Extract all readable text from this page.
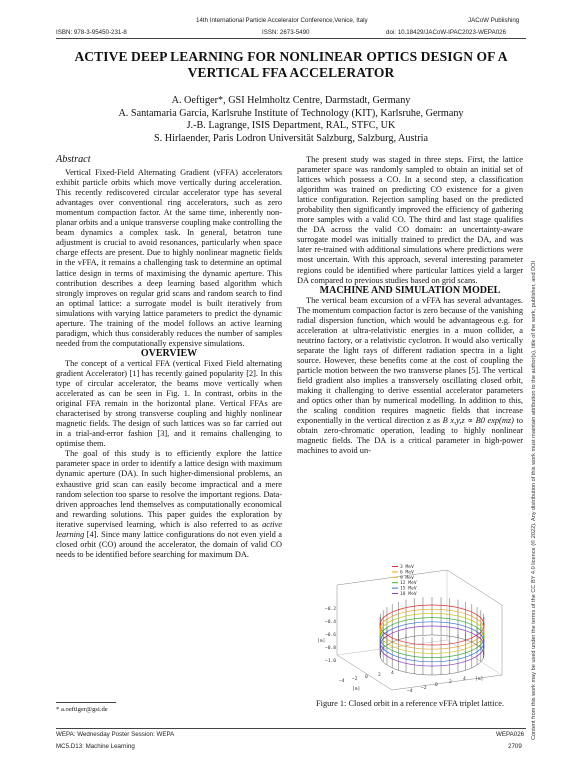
14th International Particle Accelerator Conference,Venice, Italy	JACoW Publishing
ISBN: 978-3-95450-231-8	ISSN: 2673-5490	doi: 10.18429/JACoW-IPAC2023-WEPA026
ACTIVE DEEP LEARNING FOR NONLINEAR OPTICS DESIGN OF A
VERTICAL FFA ACCELERATOR
A. Oeftiger*, GSI Helmholtz Centre, Darmstadt, Germany
A. Santamaria Garcia, Karlsruhe Institute of Technology (KIT), Karlsruhe, Germany
J.-B. Lagrange, ISIS Department, RAL, STFC, UK
S. Hirlaender, Paris Lodron Universität Salzburg, Salzburg, Austria
Abstract

Vertical Fixed-Field Alternating Gradient (vFFA) accelerators exhibit particle orbits which move vertically during acceleration. This recently rediscovered circular accelerator type has several advantages over conventional ring accelerators, such as zero momentum compaction factor. At the same time, inherently non-planar orbits and a unique transverse coupling make controlling the beam dynamics a complex task. In general, betatron tune adjustment is crucial to avoid resonances, particularly when space charge effects are present. Due to highly nonlinear magnetic fields in the vFFA, it remains a challenging task to determine an optimal lattice design in terms of maximising the dynamic aperture. This contribution describes a deep learning based algorithm which strongly improves on regular grid scans and random search to find an optimal lattice: a surrogate model is built iteratively from simulations with varying lattice parameters to predict the dynamic aperture. The training of the model follows an active learning paradigm, which thus considerably reduces the number of samples needed from the computationally expensive simulations.

OVERVIEW

The concept of a vertical FFA (vertical Fixed Field alternating gradient Accelerator) [1] has recently gained popularity [2]. In this type of circular accelerator, the beams move vertically when accelerated as can be seen in Fig. 1. In contrast, orbits in the original FFA remain in the horizontal plane. Vertical FFAs are characterised by strong transverse coupling and highly nonlinear magnetic fields. The design of such lattices was so far carried out in a trial-and-error fashion [3], and it remains challenging to optimise them.

The goal of this study is to efficiently explore the lattice parameter space in order to identify a lattice design with maximum dynamic aperture (DA). In such higher-dimensional problems, an exhaustive grid scan can easily become impractical and a mere random selection too sparse to resolve the important regions. Data-driven approaches lend themselves as computationally economical and rewarding solutions. This paper guides the exploration by iterative supervised learning, which is also referred to as active learning [4]. Since many lattice configurations do not even yield a closed orbit (CO) around the accelerator, the domain of valid CO needs to be identified before searching for maximum DA.

* a.oeftiger@gsi.de

The present study was staged in three steps. First, the lattice parameter space was randomly sampled to obtain an initial set of lattices which possess a CO. In a second step, a classification algorithm was trained on predicting CO existence for a given lattice configuration. Rejection sampling based on the predicted probability then significantly improved the efficiency of gathering more samples with a valid CO. The third and last stage qualifies the DA across the valid CO domain: an uncertainty-aware surrogate model was initially trained to predict the DA, and was later re-trained with additional simulations where predictions were most uncertain. With this approach, several interesting parameter regions could be identified where particular lattices yield a larger DA compared to previous studies based on grid scans.

MACHINE AND SIMULATION MODEL

The vertical beam excursion of a vFFA has several advantages. The momentum compaction factor is zero because of the vanishing radial dispersion function, which would be advantageous e.g. for acceleration at ultra-relativistic energies in a muon collider, a neutrino factory, or a relativistic cyclotron. It would also vertically separate the light rays of different radiation spectra in a light source. However, these benefits come at the cost of coupling the particle motion between the two transverse planes [5]. The vertical field gradient also implies a transversely oscillating closed orbit, making it challenging to derive essential accelerator parameters and optics other than by numerical modelling. In addition to this, the scaling condition requires magnetic fields that increase exponentially in the vertical direction z as B x,y,z ∝ B0 exp(mz) to obtain zero-chromatic operation, leading to highly nonlinear magnetic fields. The DA is a critical parameter in high-power machines to avoid un-

3 MeV
6 MeV
9 MeV
12 MeV
15 MeV
18 MeV
−0.2
−0.4
−0.6
−0.8
−1.0
−4 −2 0 2 4
−4
−2
0
2
4
[m]
[m]
[m]
Figure 1: Closed orbit in a reference vFFA triplet lattice.
WEPA: Wednesday Poster Session: WEPA	WEPA026
MC5.D13: Machine Learning	2709
Content from this work may be used under the terms of the CC BY 4.0 licence (© 2022). Any distribution of this work must maintain attribution to the author(s), title of the work, publisher, and DOI
